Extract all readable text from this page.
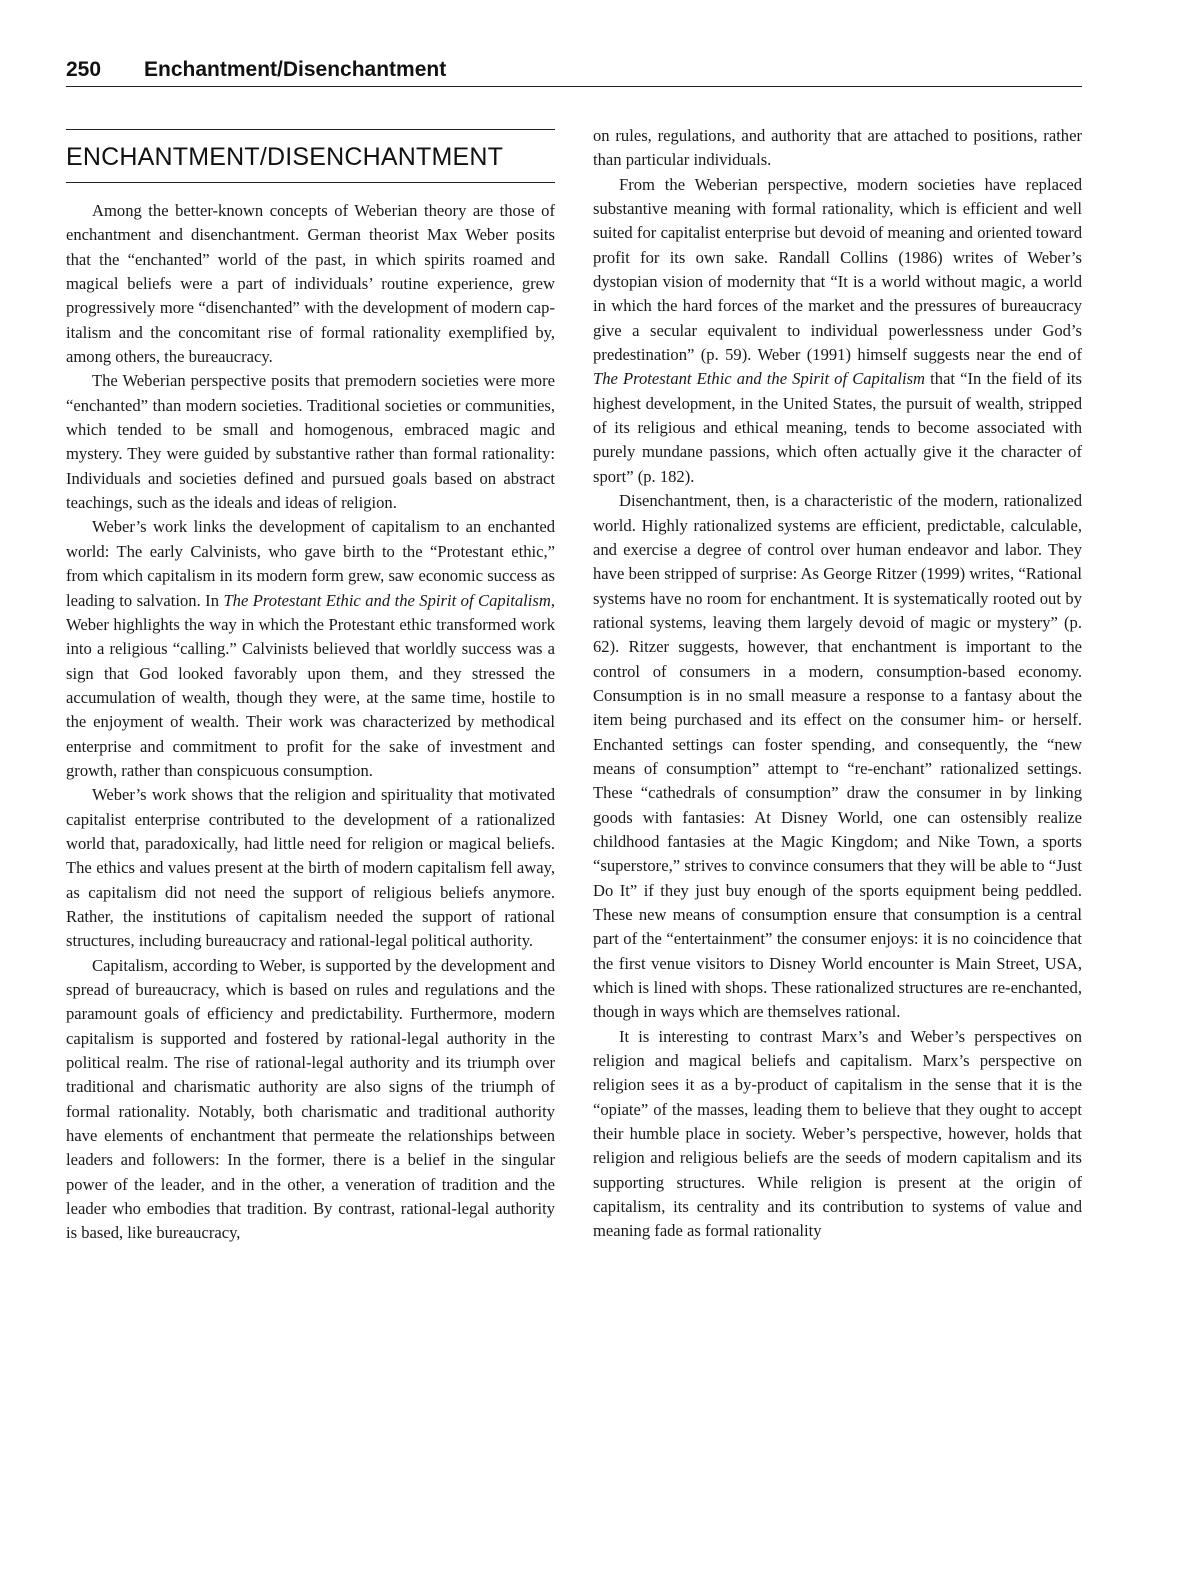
250 Enchantment/Disenchantment
ENCHANTMENT/DISENCHANTMENT

Among the better-known concepts of Weberian theory are those of enchantment and disenchantment. German theorist Max Weber posits that the “enchanted” world of the past, in which spirits roamed and magical beliefs were a part of individuals’ routine experience, grew progressively more “disenchanted” with the development of modern capitalism and the concomitant rise of formal rationality exemplified by, among others, the bureaucracy.

The Weberian perspective posits that premodern societies were more “enchanted” than modern societies. Traditional societies or communities, which tended to be small and homogenous, embraced magic and mystery. They were guided by substantive rather than formal rationality: Individuals and societies defined and pursued goals based on abstract teachings, such as the ideals and ideas of religion.

Weber’s work links the development of capitalism to an enchanted world: The early Calvinists, who gave birth to the “Protestant ethic,” from which capitalism in its modern form grew, saw economic success as leading to salvation. In The Protestant Ethic and the Spirit of Capitalism, Weber highlights the way in which the Protestant ethic transformed work into a religious “calling.” Calvinists believed that worldly success was a sign that God looked favorably upon them, and they stressed the accumulation of wealth, though they were, at the same time, hostile to the enjoyment of wealth. Their work was characterized by methodical enterprise and commitment to profit for the sake of investment and growth, rather than conspicuous consumption.

Weber’s work shows that the religion and spirituality that motivated capitalist enterprise contributed to the development of a rationalized world that, paradoxically, had little need for religion or magical beliefs. The ethics and values present at the birth of modern capitalism fell away, as capitalism did not need the support of religious beliefs anymore. Rather, the institutions of capitalism needed the support of rational structures, including bureaucracy and rational-legal political authority.

Capitalism, according to Weber, is supported by the development and spread of bureaucracy, which is based on rules and regulations and the paramount goals of efficiency and predictability. Furthermore, modern capitalism is supported and fostered by rational-legal authority in the political realm. The rise of rational-legal authority and its triumph over traditional and charismatic authority are also signs of the triumph of formal rationality. Notably, both charismatic and traditional authority have elements of enchantment that permeate the relationships between leaders and followers: In the former, there is a belief in the singular power of the leader, and in the other, a veneration of tradition and the leader who embodies that tradition. By contrast, rational-legal authority is based, like bureaucracy,

on rules, regulations, and authority that are attached to positions, rather than particular individuals.

From the Weberian perspective, modern societies have replaced substantive meaning with formal rationality, which is efficient and well suited for capitalist enterprise but devoid of meaning and oriented toward profit for its own sake. Randall Collins (1986) writes of Weber’s dystopian vision of modernity that “It is a world without magic, a world in which the hard forces of the market and the pressures of bureaucracy give a secular equivalent to individual powerlessness under God’s predestination” (p. 59). Weber (1991) himself suggests near the end of The Protestant Ethic and the Spirit of Capitalism that “In the field of its highest development, in the United States, the pursuit of wealth, stripped of its religious and ethical meaning, tends to become associated with purely mundane passions, which often actually give it the character of sport” (p. 182).

Disenchantment, then, is a characteristic of the modern, rationalized world. Highly rationalized systems are efficient, predictable, calculable, and exercise a degree of control over human endeavor and labor. They have been stripped of surprise: As George Ritzer (1999) writes, “Rational systems have no room for enchantment. It is systematically rooted out by rational systems, leaving them largely devoid of magic or mystery” (p. 62). Ritzer suggests, however, that enchantment is important to the control of consumers in a modern, consumption-based economy. Consumption is in no small measure a response to a fantasy about the item being purchased and its effect on the consumer him- or herself. Enchanted settings can foster spending, and consequently, the “new means of consumption” attempt to “re-enchant” rationalized settings. These “cathedrals of consumption” draw the consumer in by linking goods with fantasies: At Disney World, one can ostensibly realize childhood fantasies at the Magic Kingdom; and Nike Town, a sports “superstore,” strives to convince consumers that they will be able to “Just Do It” if they just buy enough of the sports equipment being peddled. These new means of consumption ensure that consumption is a central part of the “entertainment” the consumer enjoys: it is no coincidence that the first venue visitors to Disney World encounter is Main Street, USA, which is lined with shops. These rationalized structures are re-enchanted, though in ways which are themselves rational.

It is interesting to contrast Marx’s and Weber’s perspectives on religion and magical beliefs and capitalism. Marx’s perspective on religion sees it as a by-product of capitalism in the sense that it is the “opiate” of the masses, leading them to believe that they ought to accept their humble place in society. Weber’s perspective, however, holds that religion and religious beliefs are the seeds of modern capitalism and its supporting structures. While religion is present at the origin of capitalism, its centrality and its contribution to systems of value and meaning fade as formal rationality
